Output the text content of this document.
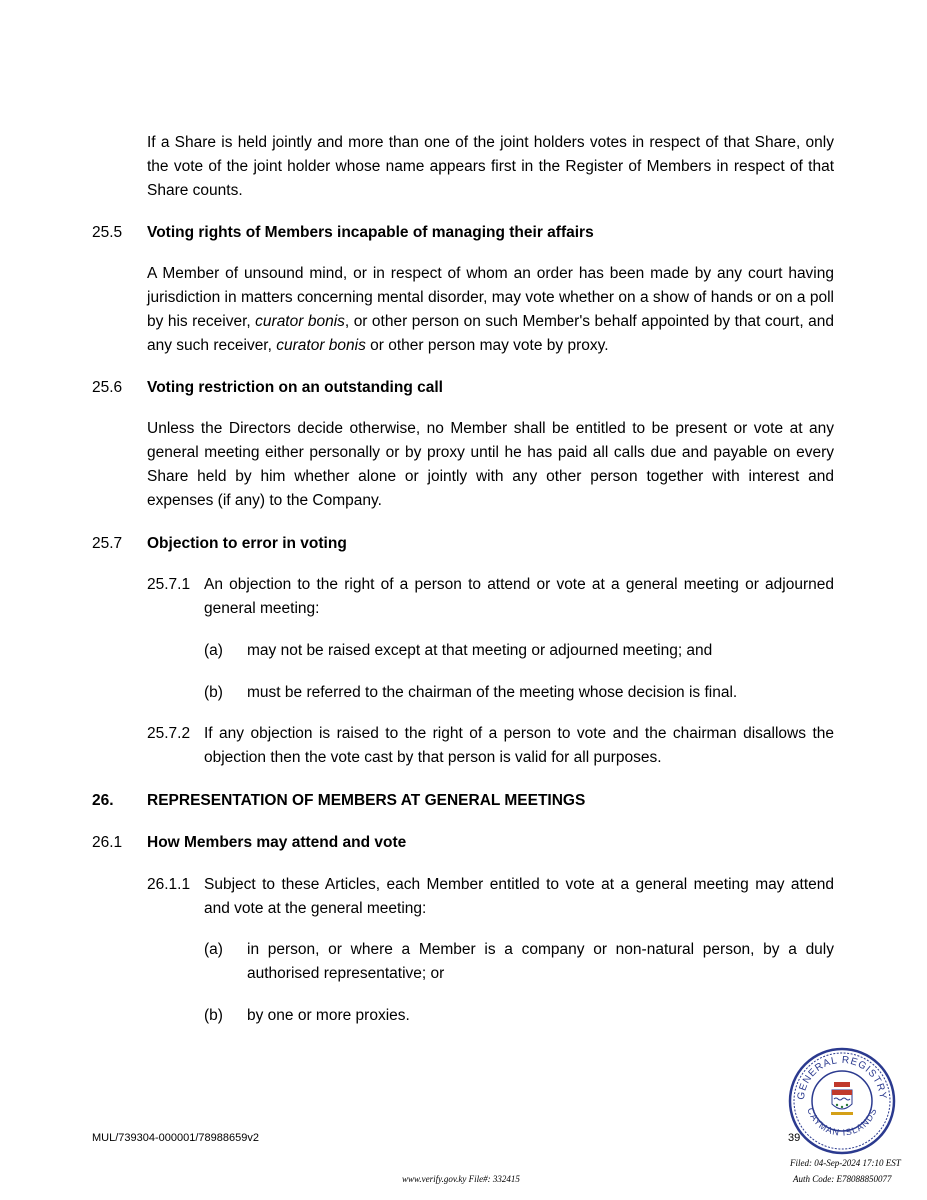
If a Share is held jointly and more than one of the joint holders votes in respect of that Share, only the vote of the joint holder whose name appears first in the Register of Members in respect of that Share counts.

25.5 Voting rights of Members incapable of managing their affairs

A Member of unsound mind, or in respect of whom an order has been made by any court having jurisdiction in matters concerning mental disorder, may vote whether on a show of hands or on a poll by his receiver, curator bonis, or other person on such Member's behalf appointed by that court, and any such receiver, curator bonis or other person may vote by proxy.

25.6 Voting restriction on an outstanding call

Unless the Directors decide otherwise, no Member shall be entitled to be present or vote at any general meeting either personally or by proxy until he has paid all calls due and payable on every Share held by him whether alone or jointly with any other person together with interest and expenses (if any) to the Company.

25.7 Objection to error in voting

25.7.1 An objection to the right of a person to attend or vote at a general meeting or adjourned general meeting:

(a) may not be raised except at that meeting or adjourned meeting; and

(b) must be referred to the chairman of the meeting whose decision is final.

25.7.2 If any objection is raised to the right of a person to vote and the chairman disallows the objection then the vote cast by that person is valid for all purposes.

26. REPRESENTATION OF MEMBERS AT GENERAL MEETINGS

26.1 How Members may attend and vote

26.1.1 Subject to these Articles, each Member entitled to vote at a general meeting may attend and vote at the general meeting:

(a) in person, or where a Member is a company or non-natural person, by a duly authorised representative; or

(b) by one or more proxies.

GENERAL REGISTRY
CAYMAN ISLANDS
MUL/739304-000001/78988659v2	39
www.verify.gov.ky File#: 332415
Filed: 04-Sep-2024 17:10 EST
Auth Code: E78088850077
